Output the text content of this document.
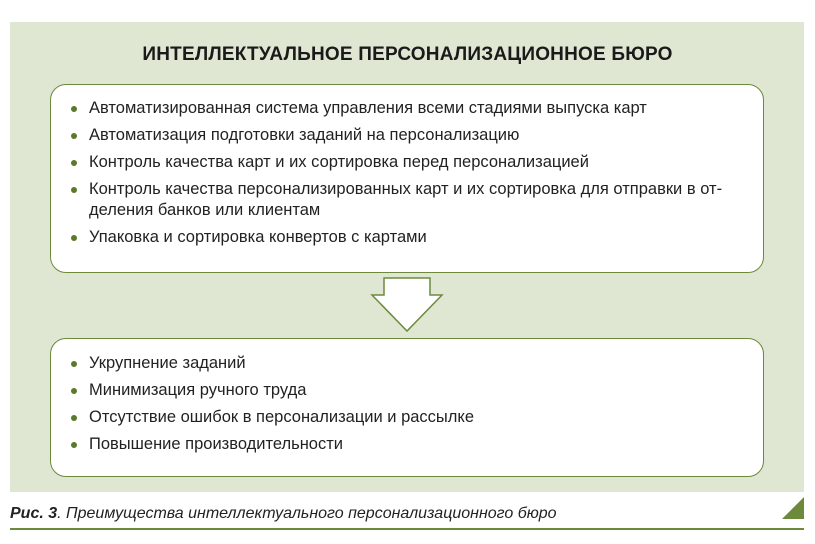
ИНТЕЛЛЕКТУАЛЬНОЕ ПЕРСОНАЛИЗАЦИОННОЕ БЮРО
Автоматизированная система управления всеми стадиями выпуска карт
Автоматизация подготовки заданий на персонализацию
Контроль качества карт и их сортировка перед персонализацией
Контроль качества персонализированных карт и их сортировка для отправки в от-деления банков или клиентам
Упаковка и сортировка конвертов с картами
Укрупнение заданий
Минимизация ручного труда
Отсутствие ошибок в персонализации и рассылке
Повышение производительности
Рис. 3. Преимущества интеллектуального персонализационного бюро
